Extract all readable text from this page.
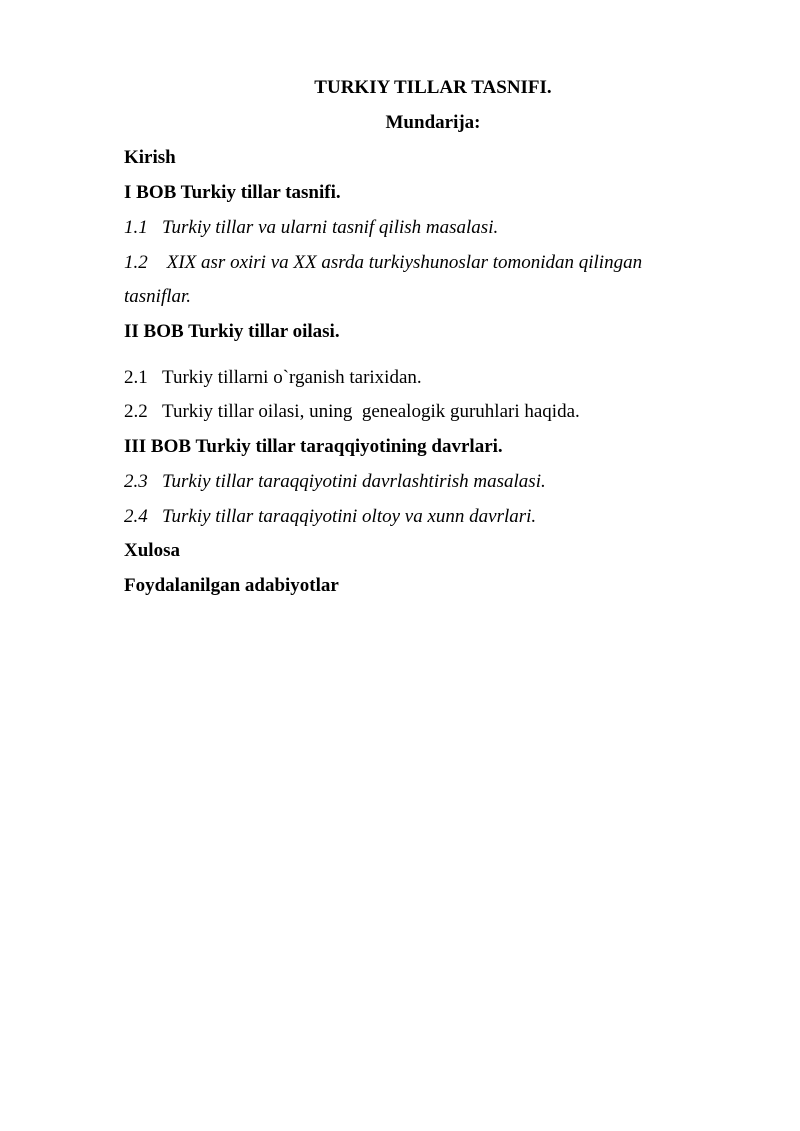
TURKIY TILLAR TASNIFI.
Mundarija:
Kirish
I BOB Turkiy tillar tasnifi.
1.1 Turkiy tillar va ularni tasnif qilish masalasi.
1.2 XIX asr oxiri va XX asrda turkiyshunoslar tomonidan qilingan
tasniflar.
II BOB Turkiy tillar oilasi.
2.1 Turkiy tillarni o`rganish tarixidan.
2.2 Turkiy tillar oilasi, uning  genealogik guruhlari haqida.
III BOB Turkiy tillar taraqqiyotining davrlari.
2.3 Turkiy tillar taraqqiyotini davrlashtirish masalasi.
2.4 Turkiy tillar taraqqiyotini oltoy va xunn davrlari.
Xulosa
Foydalanilgan adabiyotlar
